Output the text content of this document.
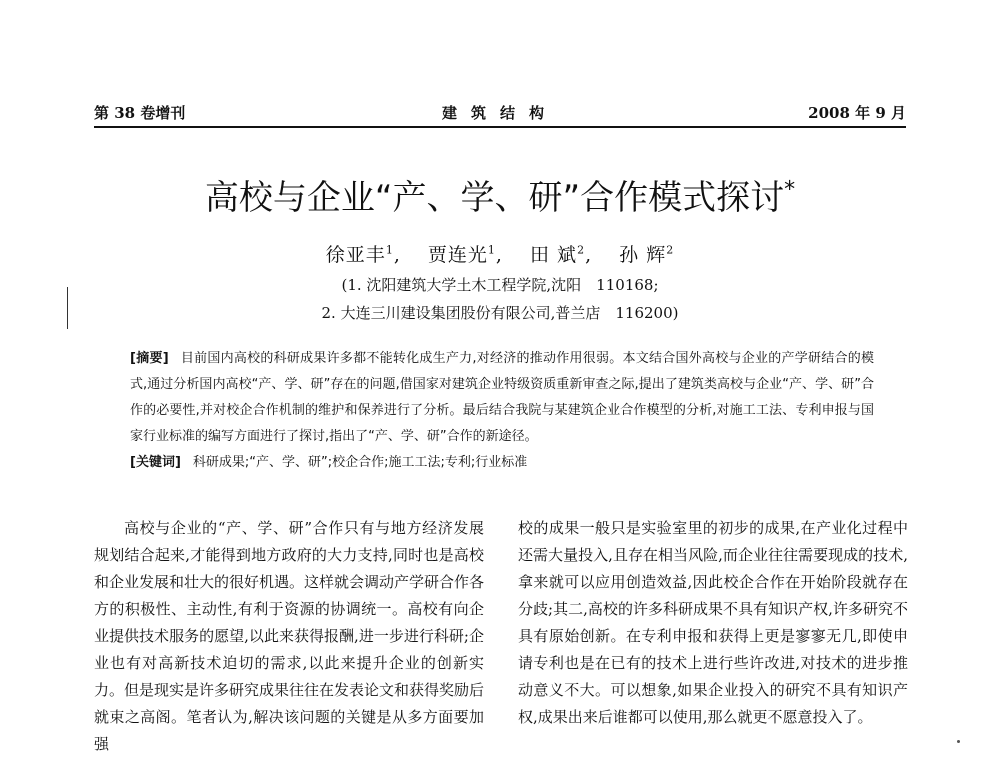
第 38 卷增刊	建筑结构	2008 年 9 月
高校与企业“产、学、研”合作模式探讨*
徐亚丰$^1$,　 贾连光$^1$,　 田 斌$^2$,　 孙 辉$^2$
(1. 沈阳建筑大学土木工程学院,沈阳　110168;
2. 大连三川建设集团股份有限公司,普兰店　116200)

[摘要] 目前国内高校的科研成果许多都不能转化成生产力,对经济的推动作用很弱。本文结合国外高校与企业的产学研结合的模式,通过分析国内高校“产、学、研”存在的问题,借国家对建筑企业特级资质重新审查之际,提出了建筑类高校与企业“产、学、研”合作的必要性,并对校企合作机制的维护和保养进行了分析。最后结合我院与某建筑企业合作模型的分析,对施工工法、专利申报与国家行业标准的编写方面进行了探讨,指出了“产、学、研”合作的新途径。

[关键词] 科研成果;“产、学、研”;校企合作;施工工法;专利;行业标准

高校与企业的“产、学、研”合作只有与地方经济发展规划结合起来,才能得到地方政府的大力支持,同时也是高校和企业发展和壮大的很好机遇。这样就会调动产学研合作各方的积极性、主动性,有利于资源的协调统一。高校有向企业提供技术服务的愿望,以此来获得报酬,进一步进行科研;企业也有对高新技术迫切的需求,以此来提升企业的创新实力。但是现实是许多研究成果往往在发表论文和获得奖励后就束之高阁。笔者认为,解决该问题的关键是从多方面要加强

校的成果一般只是实验室里的初步的成果,在产业化过程中还需大量投入,且存在相当风险,而企业往往需要现成的技术,拿来就可以应用创造效益,因此校企合作在开始阶段就存在分歧;其二,高校的许多科研成果不具有知识产权,许多研究不具有原始创新。在专利申报和获得上更是寥寥无几,即使申请专利也是在已有的技术上进行些许改进,对技术的进步推动意义不大。可以想象,如果企业投入的研究不具有知识产权,成果出来后谁都可以使用,那么就更不愿意投入了。
